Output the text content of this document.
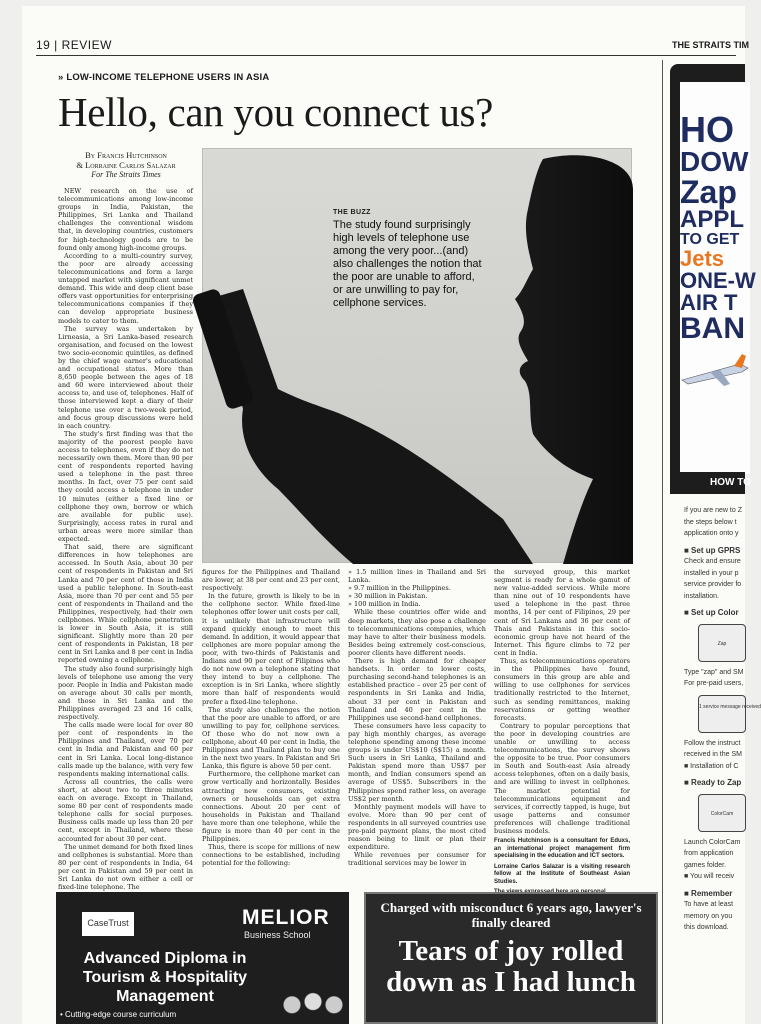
19 | REVIEW	THE STRAITS TIM
» LOW-INCOME TELEPHONE USERS IN ASIA
Hello, can you connect us?
By Francis Hutchinson
& Lorraine Carlos Salazar
For The Straits Times
THE BUZZ
The study found surprisingly high levels of telephone use among the very poor...(and) also challenges the notion that the poor are unable to afford, or are unwilling to pay for, cellphone services.

NEW research on the use of telecommunications among low-income groups in India, Pakistan, the Philippines, Sri Lanka and Thailand challenges the conventional wisdom that, in developing countries, customers for high-technology goods are to be found only among high-income groups.

According to a multi-country survey, the poor are already accessing telecommunications and form a large untapped market with significant unmet demand. This wide and deep client base offers vast opportunities for enterprising telecommunications companies if they can develop appropriate business models to cater to them.

The survey was undertaken by Lirneasia, a Sri Lanka-based research organisation, and focused on the lowest two socio-economic quintiles, as defined by the chief wage earner's educational and occupational status. More than 8,650 people between the ages of 18 and 60 were interviewed about their access to, and use of, telephones. Half of those interviewed kept a diary of their telephone use over a two-week period, and focus group discussions were held in each country.

The study's first finding was that the majority of the poorest people have access to telephones, even if they do not necessarily own them. More than 90 per cent of respondents reported having used a telephone in the past three months. In fact, over 75 per cent said they could access a telephone in under 10 minutes (either a fixed line or cellphone they own, borrow or which are available for public use). Surprisingly, access rates in rural and urban areas were more similar than expected.

That said, there are significant differences in how telephones are accessed. In South Asia, about 30 per cent of respondents in Pakistan and Sri Lanka and 70 per cent of those in India used a public telephone. In South-east Asia, more than 70 per cent and 55 per cent of respondents in Thailand and the Philippines, respectively, had their own cellphones. While cellphone penetration is lower in South Asia, it is still significant. Slightly more than 20 per cent of respondents in Pakistan, 18 per cent in Sri Lanka and 8 per cent in India reported owning a cellphone.

The study also found surprisingly high levels of telephone use among the very poor. People in India and Pakistan made on average about 30 calls per month, and those in Sri Lanka and the Philippines averaged 23 and 16 calls, respectively.

The calls made were local for over 80 per cent of respondents in the Philippines and Thailand, over 70 per cent in India and Pakistan and 60 per cent in Sri Lanka. Local long-distance calls made up the balance, with very few respondents making international calls.

Across all countries, the calls were short, at about two to three minutes each on average. Except in Thailand, some 80 per cent of respondents made telephone calls for social purposes. Business calls made up less than 20 per cent, except in Thailand, where these accounted for about 30 per cent.

The unmet demand for both fixed lines and cellphones is substantial. More than 80 per cent of respondents in India, 64 per cent in Pakistan and 59 per cent in Sri Lanka do not own either a cell or fixed-line telephone. The

figures for the Philippines and Thailand are lower, at 38 per cent and 23 per cent, respectively.

In the future, growth is likely to be in the cellphone sector. While fixed-line telephones offer lower unit costs per call, it is unlikely that infrastructure will expand quickly enough to meet this demand. In addition, it would appear that cellphones are more popular among the poor, with two-thirds of Pakistanis and Indians and 90 per cent of Filipinos who do not now own a telephone stating that they intend to buy a cellphone. The exception is in Sri Lanka, where slightly more than half of respondents would prefer a fixed-line telephone.

The study also challenges the notion that the poor are unable to afford, or are unwilling to pay for, cellphone services. Of those who do not now own a cellphone, about 40 per cent in India, the Philippines and Thailand plan to buy one in the next two years. In Pakistan and Sri Lanka, this figure is above 50 per cent.

Furthermore, the cellphone market can grow vertically and horizontally. Besides attracting new consumers, existing owners or households can get extra connections. About 20 per cent of households in Pakistan and Thailand have more than one telephone, while the figure is more than 40 per cent in the Philippines.

Thus, there is scope for millions of new connections to be established, including potential for the following:

» 1.5 million lines in Thailand and Sri Lanka.

» 9.7 million in the Philippines.

» 30 million in Pakistan.

» 100 million in India.

While these countries offer wide and deep markets, they also pose a challenge to telecommunications companies, which may have to alter their business models. Besides being extremely cost-conscious, poorer clients have different needs.

There is high demand for cheaper handsets. In order to lower costs, purchasing second-hand telephones is an established practice – over 25 per cent of respondents in Sri Lanka and India, about 33 per cent in Pakistan and Thailand and 40 per cent in the Philippines use second-hand cellphones.

These consumers have less capacity to pay high monthly charges, as average telephone spending among these income groups is under US$10 (S$15) a month. Such users in Sri Lanka, Thailand and Pakistan spend more than US$7 per month, and Indian consumers spend an average of US$5. Subscribers in the Philippines spend rather less, on average US$2 per month.

Monthly payment models will have to evolve. More than 90 per cent of respondents in all surveyed countries use pre-paid payment plans, the most cited reason being to limit or plan their expenditure.

While revenues per consumer for traditional services may be lower in

the surveyed group, this market segment is ready for a whole gamut of new value-added services. While more than nine out of 10 respondents have used a telephone in the past three months, 14 per cent of Filipinos, 29 per cent of Sri Lankans and 36 per cent of Thais and Pakistanis in this socio-economic group have not heard of the Internet. This figure climbs to 72 per cent in India.

Thus, as telecommunications operators in the Philippines have found, consumers in this group are able and willing to use cellphones for services traditionally restricted to the Internet, such as sending remittances, making reservations or getting weather forecasts.

Contrary to popular perceptions that the poor in developing countries are unable or unwilling to access telecommunications, the survey shows the opposite to be true. Poor consumers in South and South-east Asia already access telephones, often on a daily basis, and are willing to invest in cellphones. The market potential for telecommunications equipment and services, if correctly tapped, is huge, but usage patterns and consumer preferences will challenge traditional business models.

Francis Hutchinson is a consultant for Eduxs, an international project management firm specialising in the education and ICT sectors.

Lorraine Carlos Salazar is a visiting research fellow at the Institute of Southeast Asian Studies.

HO
DOW
Zap
APPL
TO GET
Jets
ONE-W
AIR T
BAN
HOW TO
If you are new to Z
the steps below t
application onto y
■ Set up GPRS
Check and ensure
installed in your p
service provider fo
installation.
■ Set up Color
Zap
Type "zap" and SM
For pre-paid users,
1 service message received
Follow the instruct
received in the SM
■ Installation of C
■ Ready to Zap
ColorCam
Launch ColorCam
from application
games folder.
■ You will receiv
■ Remember
To have at least
memory on you
this download.
CaseTrust	MELIOR
Business School
Advanced Diploma in Tourism & Hospitality Management
• Cutting-edge course curriculum
Charged with misconduct 6 years ago, lawyer's finally cleared
Tears of joy rolled down as I had lunch
